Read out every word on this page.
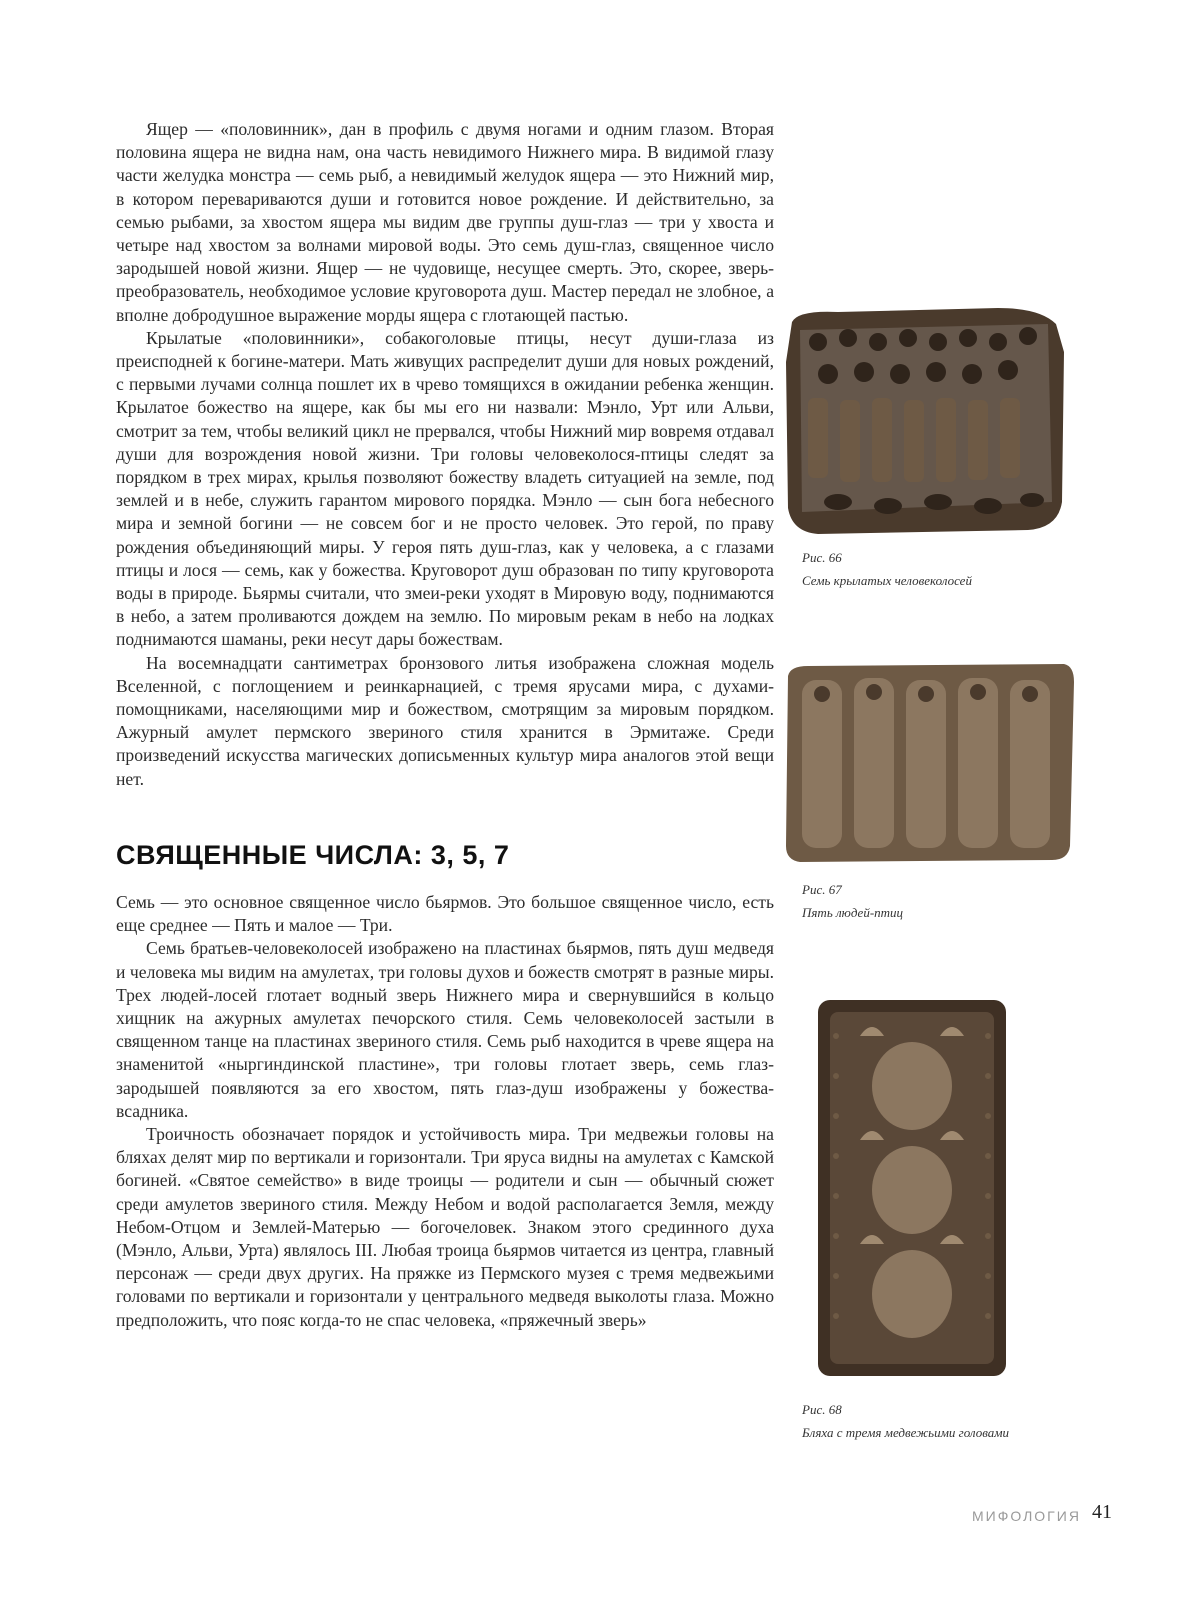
Ящер — «половинник», дан в профиль с двумя ногами и одним глазом. Вторая половина ящера не видна нам, она часть невидимого Нижнего мира. В видимой глазу части желудка монстра — семь рыб, а невидимый желудок ящера — это Нижний мир, в котором перевариваются души и готовится новое рождение. И действительно, за семью рыбами, за хвостом ящера мы видим две группы душ-глаз — три у хвоста и четыре над хвостом за волнами мировой воды. Это семь душ-глаз, священное число зародышей новой жизни. Ящер — не чудовище, несущее смерть. Это, скорее, зверь-преобразователь, необходимое условие круговорота душ. Мастер передал не злобное, а вполне добродушное выражение морды ящера с глотающей пастью.

Крылатые «половинники», собакоголовые птицы, несут души-глаза из преисподней к богине-матери. Мать живущих распределит души для новых рождений, с первыми лучами солнца пошлет их в чрево томящихся в ожидании ребенка женщин. Крылатое божество на ящере, как бы мы его ни назвали: Мэнло, Урт или Альви, смотрит за тем, чтобы великий цикл не прервался, чтобы Нижний мир вовремя отдавал души для возрождения новой жизни. Три головы человеколося-птицы следят за порядком в трех мирах, крылья позволяют божеству владеть ситуацией на земле, под землей и в небе, служить гарантом мирового порядка. Мэнло — сын бога небесного мира и земной богини — не совсем бог и не просто человек. Это герой, по праву рождения объединяющий миры. У героя пять душ-глаз, как у человека, а с глазами птицы и лося — семь, как у божества. Круговорот душ образован по типу круговорота воды в природе. Бьярмы считали, что змеи-реки уходят в Мировую воду, поднимаются в небо, а затем проливаются дождем на землю. По мировым рекам в небо на лодках поднимаются шаманы, реки несут дары божествам.

На восемнадцати сантиметрах бронзового литья изображена сложная модель Вселенной, с поглощением и реинкарнацией, с тремя ярусами мира, с духами-помощниками, населяющими мир и божеством, смотрящим за мировым порядком. Ажурный амулет пермского звериного стиля хранится в Эрмитаже. Среди произведений искусства магических дописьменных культур мира аналогов этой вещи нет.

СВЯЩЕННЫЕ ЧИСЛА: 3, 5, 7

Семь — это основное священное число бьярмов. Это большое священное число, есть еще среднее — Пять и малое — Три.

Семь братьев-человеколосей изображено на пластинах бьярмов, пять душ медведя и человека мы видим на амулетах, три головы духов и божеств смотрят в разные миры. Трех людей-лосей глотает водный зверь Нижнего мира и свернувшийся в кольцо хищник на ажурных амулетах печорского стиля. Семь человеколосей застыли в священном танце на пластинах звериного стиля. Семь рыб находится в чреве ящера на знаменитой «ныргиндинской пластине», три головы глотает зверь, семь глаз-зародышей появляются за его хвостом, пять глаз-душ изображены у божества-всадника.

Троичность обозначает порядок и устойчивость мира. Три медвежьи головы на бляхах делят мир по вертикали и горизонтали. Три яруса видны на амулетах с Камской богиней. «Святое семейство» в виде троицы — родители и сын — обычный сюжет среди амулетов звериного стиля. Между Небом и водой располагается Земля, между Небом-Отцом и Землей-Матерью — богочеловек. Знаком этого срединного духа (Мэнло, Альви, Урта) являлось III. Любая троица бьярмов читается из центра, главный персонаж — среди двух других. На пряжке из Пермского музея с тремя медвежьими головами по вертикали и горизонтали у центрального медведя выколоты глаза. Можно предположить, что пояс когда-то не спас человека, «пряжечный зверь»

Рис. 66
Семь крылатых человеколосей
Рис. 67
Пять людей-птиц
Рис. 68
Бляха с тремя медвежьими головами
МИФОЛОГИЯ 41
